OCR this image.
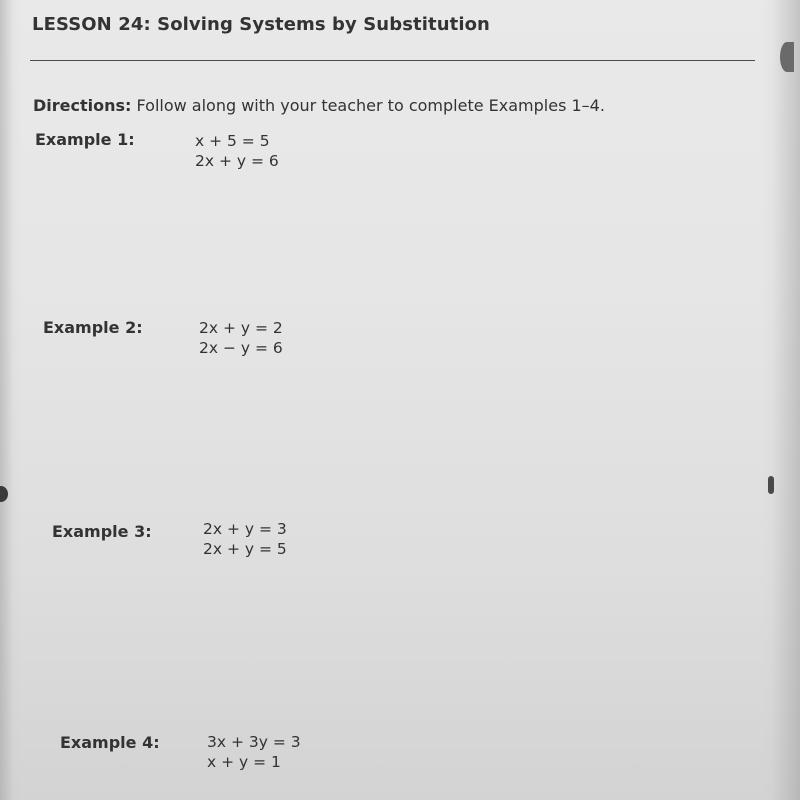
LESSON 24: Solving Systems by Substitution
Directions: Follow along with your teacher to complete Examples 1–4.
Example 1:	x + 5 = 5
2x + y = 6
Example 2:	2x + y = 2
2x − y = 6
Example 3:	2x + y = 3
2x + y = 5
Example 4:	3x + 3y = 3
x + y = 1
